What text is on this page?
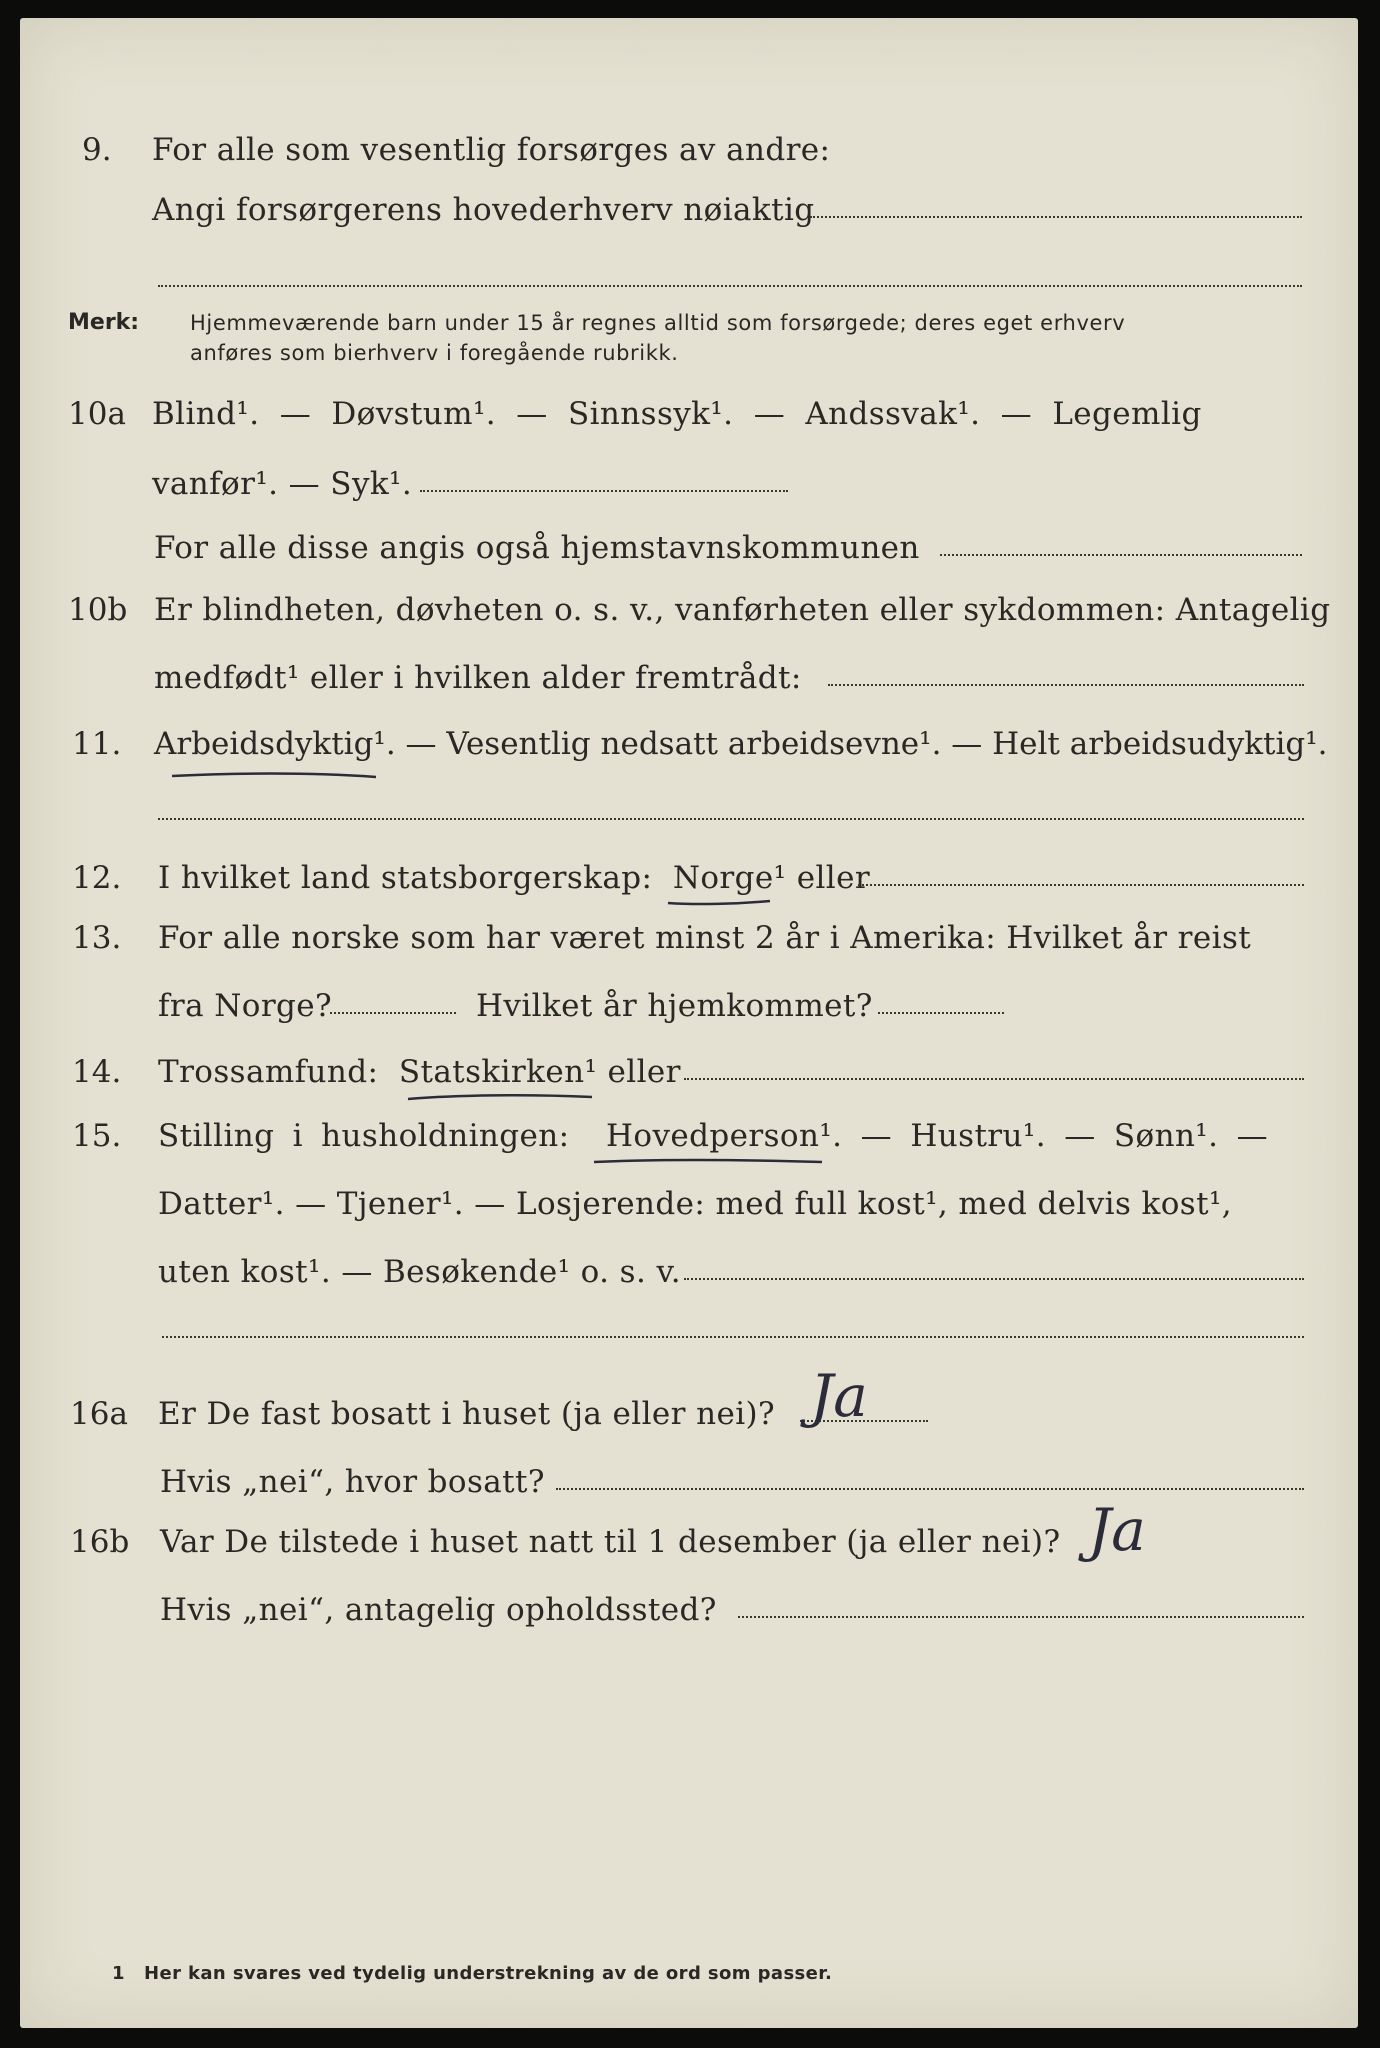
9. For alle som vesentlig forsørges av andre:
Angi forsørgerens hovederhverv nøiaktig
Merk: Hjemmeværende barn under 15 år regnes alltid som forsørgede; deres eget erhverv
anføres som bierhverv i foregående rubrikk.
10a Blind¹. — Døvstum¹. — Sinnssyk¹. — Andssvak¹. — Legemlig
vanfør¹. — Syk¹.
For alle disse angis også hjemstavnskommunen
10b Er blindheten, døvheten o. s. v., vanførheten eller sykdommen: Antagelig
medfødt¹ eller i hvilken alder fremtrådt:
11. Arbeidsdyktig¹. — Vesentlig nedsatt arbeidsevne¹. — Helt arbeidsudyktig¹.
12. I hvilket land statsborgerskap: Norge¹ eller
13. For alle norske som har været minst 2 år i Amerika: Hvilket år reist
fra Norge?	Hvilket år hjemkommet?
14. Trossamfund: Statskirken¹ eller
15. Stilling i husholdningen: Hovedperson¹. — Hustru¹. — Sønn¹. —
Datter¹. — Tjener¹. — Losjerende: med full kost¹, med delvis kost¹,
uten kost¹. — Besøkende¹ o. s. v.
16a Er De fast bosatt i huset (ja eller nei)? Ja
Hvis „nei“, hvor bosatt?
16b Var De tilstede i huset natt til 1 desember (ja eller nei)? Ja
Hvis „nei“, antagelig opholdssted?
1 Her kan svares ved tydelig understrekning av de ord som passer.
